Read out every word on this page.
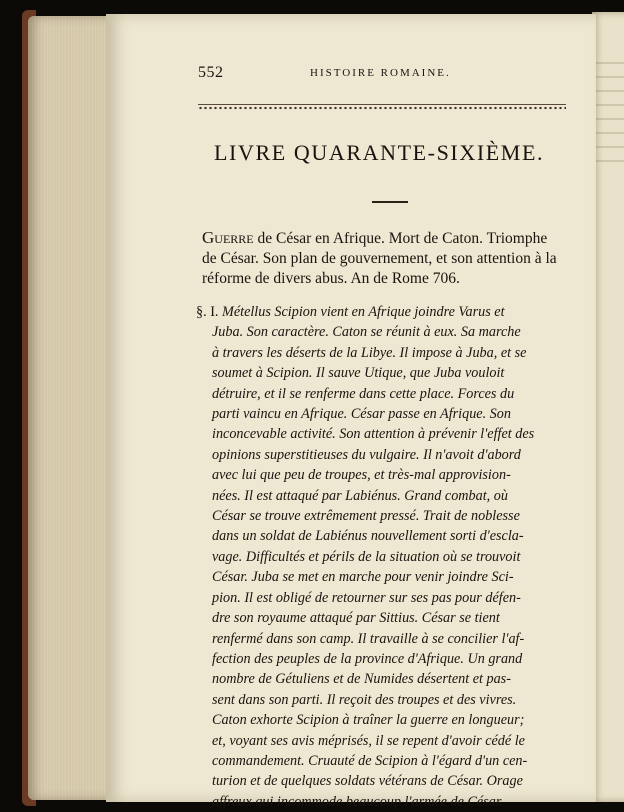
552	HISTOIRE ROMAINE.
LIVRE QUARANTE-SIXIÈME.
Guerre de César en Afrique. Mort de Caton. Triomphe
de César. Son plan de gouvernement, et son attention à la
réforme de divers abus. An de Rome 706.
§. I. Métellus Scipion vient en Afrique joindre Varus et
Juba. Son caractère. Caton se réunit à eux. Sa marche
à travers les déserts de la Libye. Il impose à Juba, et se
soumet à Scipion. Il sauve Utique, que Juba vouloit
détruire, et il se renferme dans cette place. Forces du
parti vaincu en Afrique. César passe en Afrique. Son
inconcevable activité. Son attention à prévenir l'effet des
opinions superstitieuses du vulgaire. Il n'avoit d'abord
avec lui que peu de troupes, et très-mal approvision-
nées. Il est attaqué par Labiénus. Grand combat, où
César se trouve extrêmement pressé. Trait de noblesse
dans un soldat de Labiénus nouvellement sorti d'escla-
vage. Difficultés et périls de la situation où se trouvoit
César. Juba se met en marche pour venir joindre Sci-
pion. Il est obligé de retourner sur ses pas pour défen-
dre son royaume attaqué par Sittius. César se tient
renfermé dans son camp. Il travaille à se concilier l'af-
fection des peuples de la province d'Afrique. Un grand
nombre de Gétuliens et de Numides désertent et pas-
sent dans son parti. Il reçoit des troupes et des vivres.
Caton exhorte Scipion à traîner la guerre en longueur;
et, voyant ses avis méprisés, il se repent d'avoir cédé le
commandement. Cruauté de Scipion à l'égard d'un cen-
turion et de quelques soldats vétérans de César. Orage
affreux qui incommode beaucoup l'armée de César.
